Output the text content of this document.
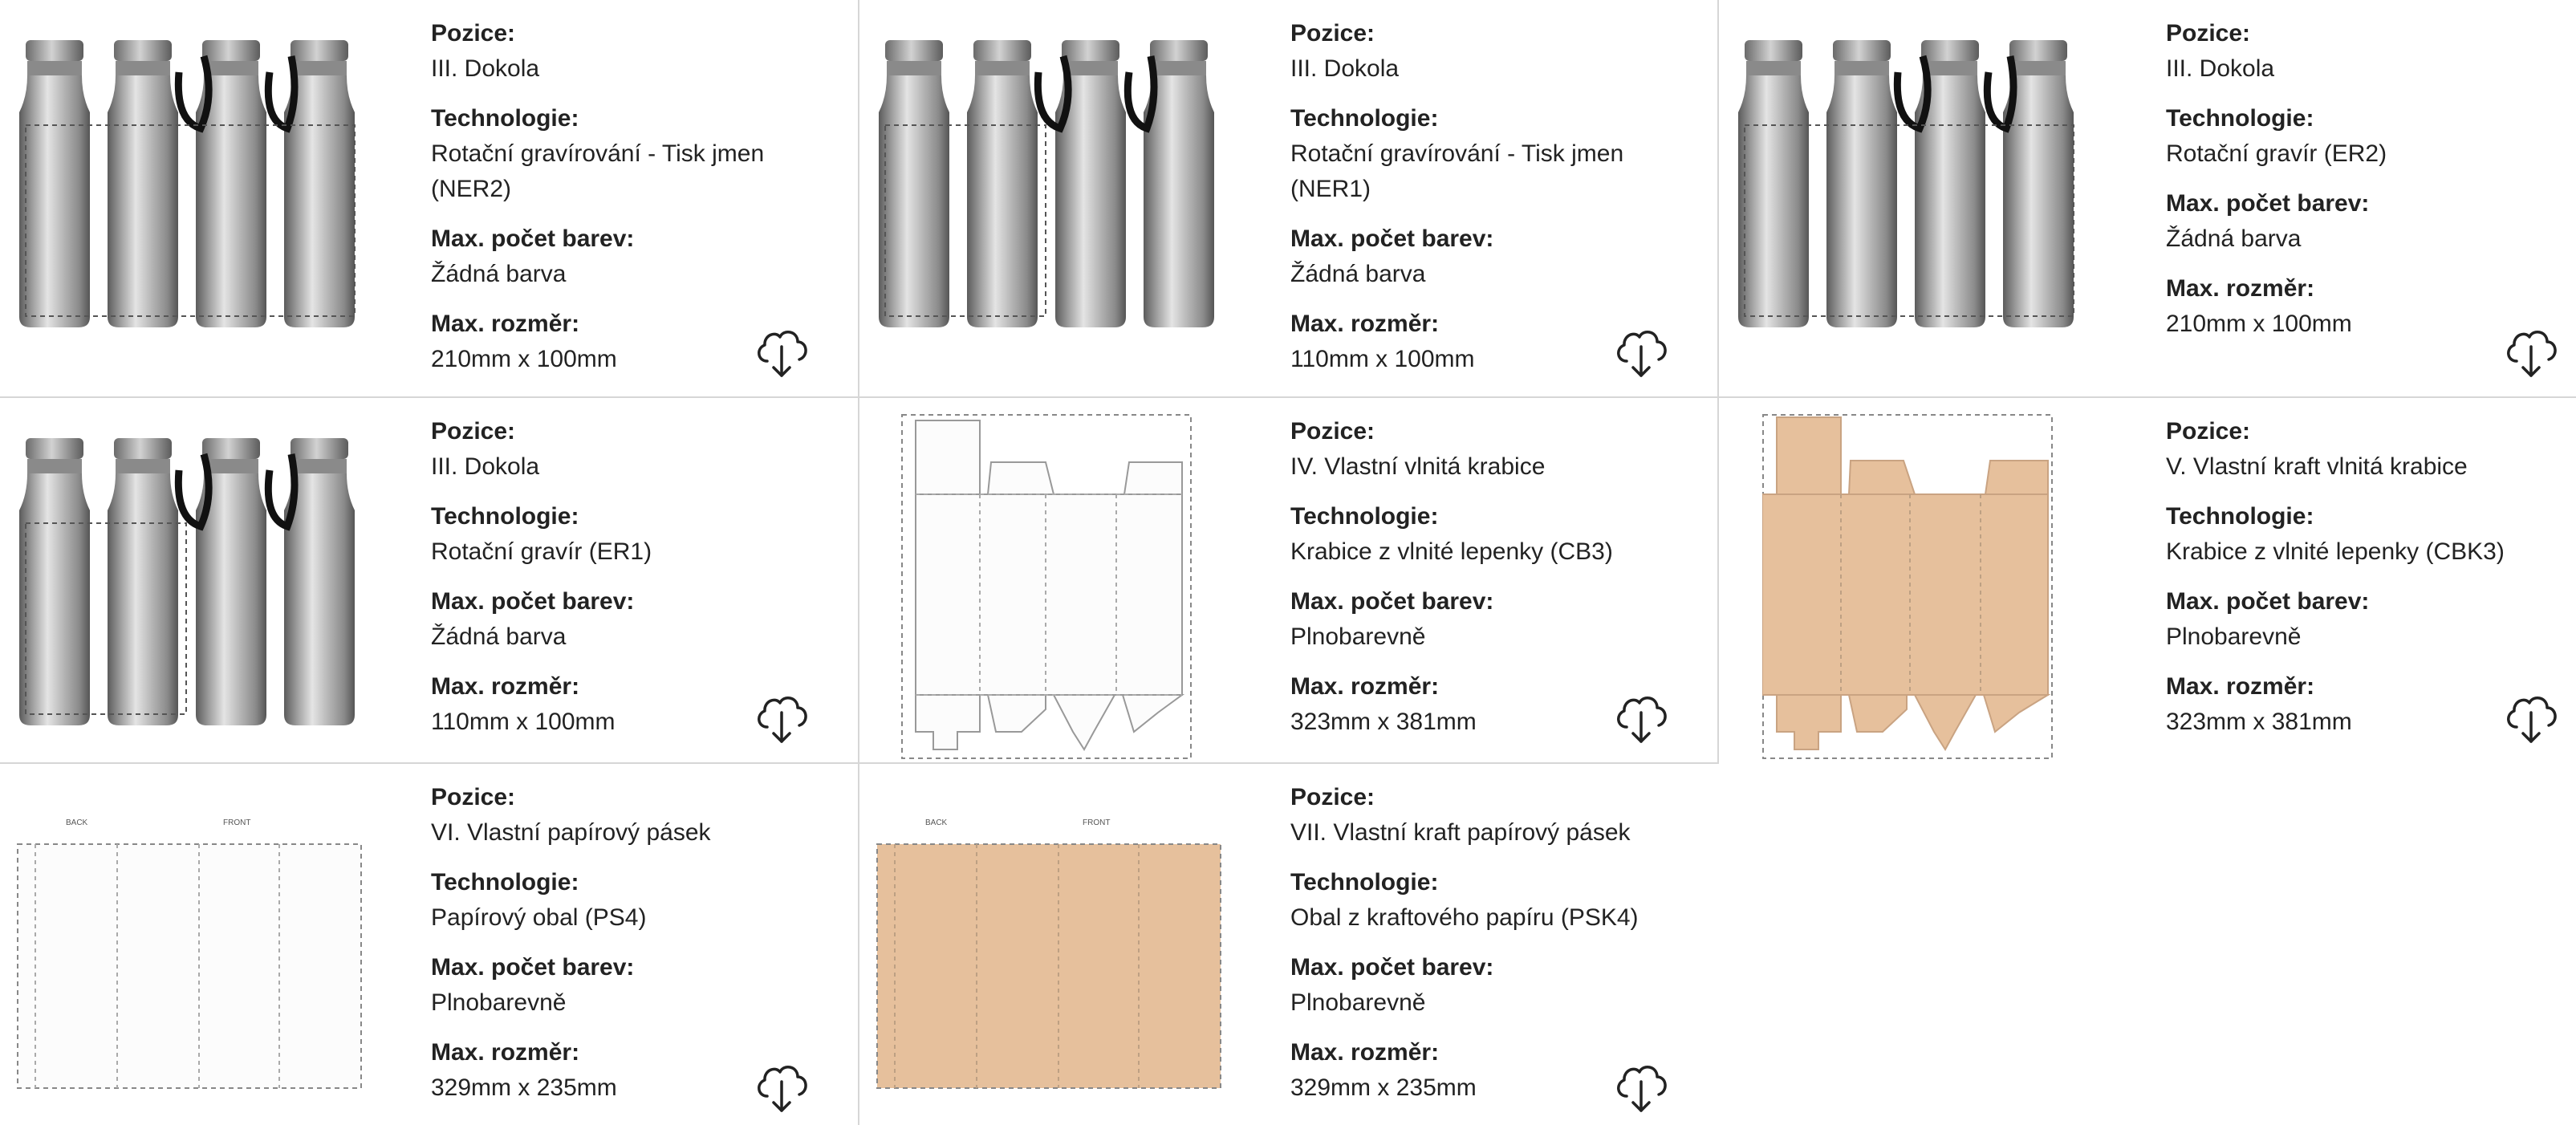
Pozice:
III. Dokola
Technologie:
Rotační gravírování - Tisk jmen (NER2)
Max. počet barev:
Žádná barva
Max. rozměr:
210mm x 100mm
Pozice:
III. Dokola
Technologie:
Rotační gravírování - Tisk jmen (NER1)
Max. počet barev:
Žádná barva
Max. rozměr:
110mm x 100mm
Pozice:
III. Dokola
Technologie:
Rotační gravír (ER2)
Max. počet barev:
Žádná barva
Max. rozměr:
210mm x 100mm
Pozice:
III. Dokola
Technologie:
Rotační gravír (ER1)
Max. počet barev:
Žádná barva
Max. rozměr:
110mm x 100mm
Pozice:
IV. Vlastní vlnitá krabice
Technologie:
Krabice z vlnité lepenky (CB3)
Max. počet barev:
Plnobarevně
Max. rozměr:
323mm x 381mm
Pozice:
V. Vlastní kraft vlnitá krabice
Technologie:
Krabice z vlnité lepenky (CBK3)
Max. počet barev:
Plnobarevně
Max. rozměr:
323mm x 381mm
BACK	FRONT
Pozice:
VI. Vlastní papírový pásek
Technologie:
Papírový obal (PS4)
Max. počet barev:
Plnobarevně
Max. rozměr:
329mm x 235mm
BACK	FRONT
Pozice:
VII. Vlastní kraft papírový pásek
Technologie:
Obal z kraftového papíru (PSK4)
Max. počet barev:
Plnobarevně
Max. rozměr:
329mm x 235mm
